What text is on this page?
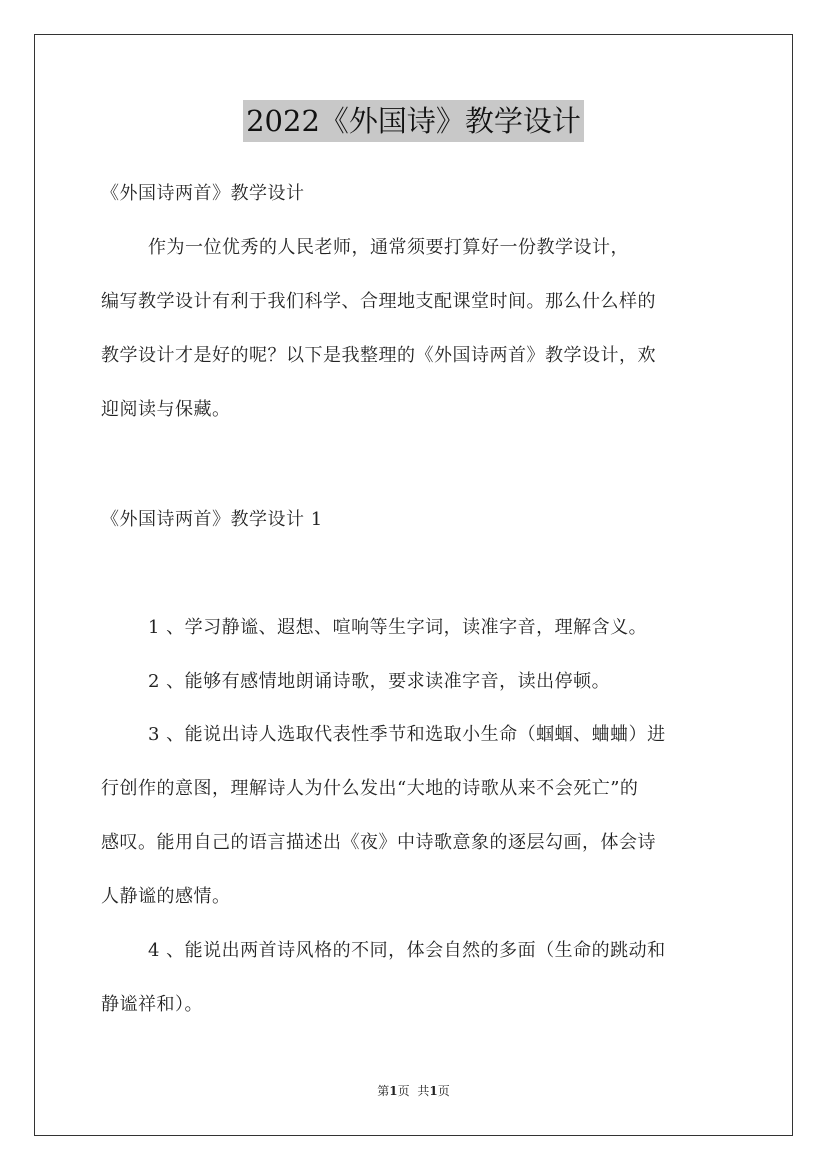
2022《外国诗》教学设计
《外国诗两首》教学设计
作为一位优秀的人民老师，通常须要打算好一份教学设计，
编写教学设计有利于我们科学、合理地支配课堂时间。那么什么样的
教学设计才是好的呢？以下是我整理的《外国诗两首》教学设计，欢
迎阅读与保藏。
《外国诗两首》教学设计 1
1 、学习静谧、遐想、喧响等生字词，读准字音，理解含义。
2 、能够有感情地朗诵诗歌，要求读准字音，读出停顿。
3 、能说出诗人选取代表性季节和选取小生命（蝈蝈、蛐蛐）进
行创作的意图，理解诗人为什么发出“大地的诗歌从来不会死亡”的
感叹。能用自己的语言描述出《夜》中诗歌意象的逐层勾画，体会诗
人静谧的感情。
4 、能说出两首诗风格的不同，体会自然的多面（生命的跳动和
静谧祥和）。
第1页 共1页
